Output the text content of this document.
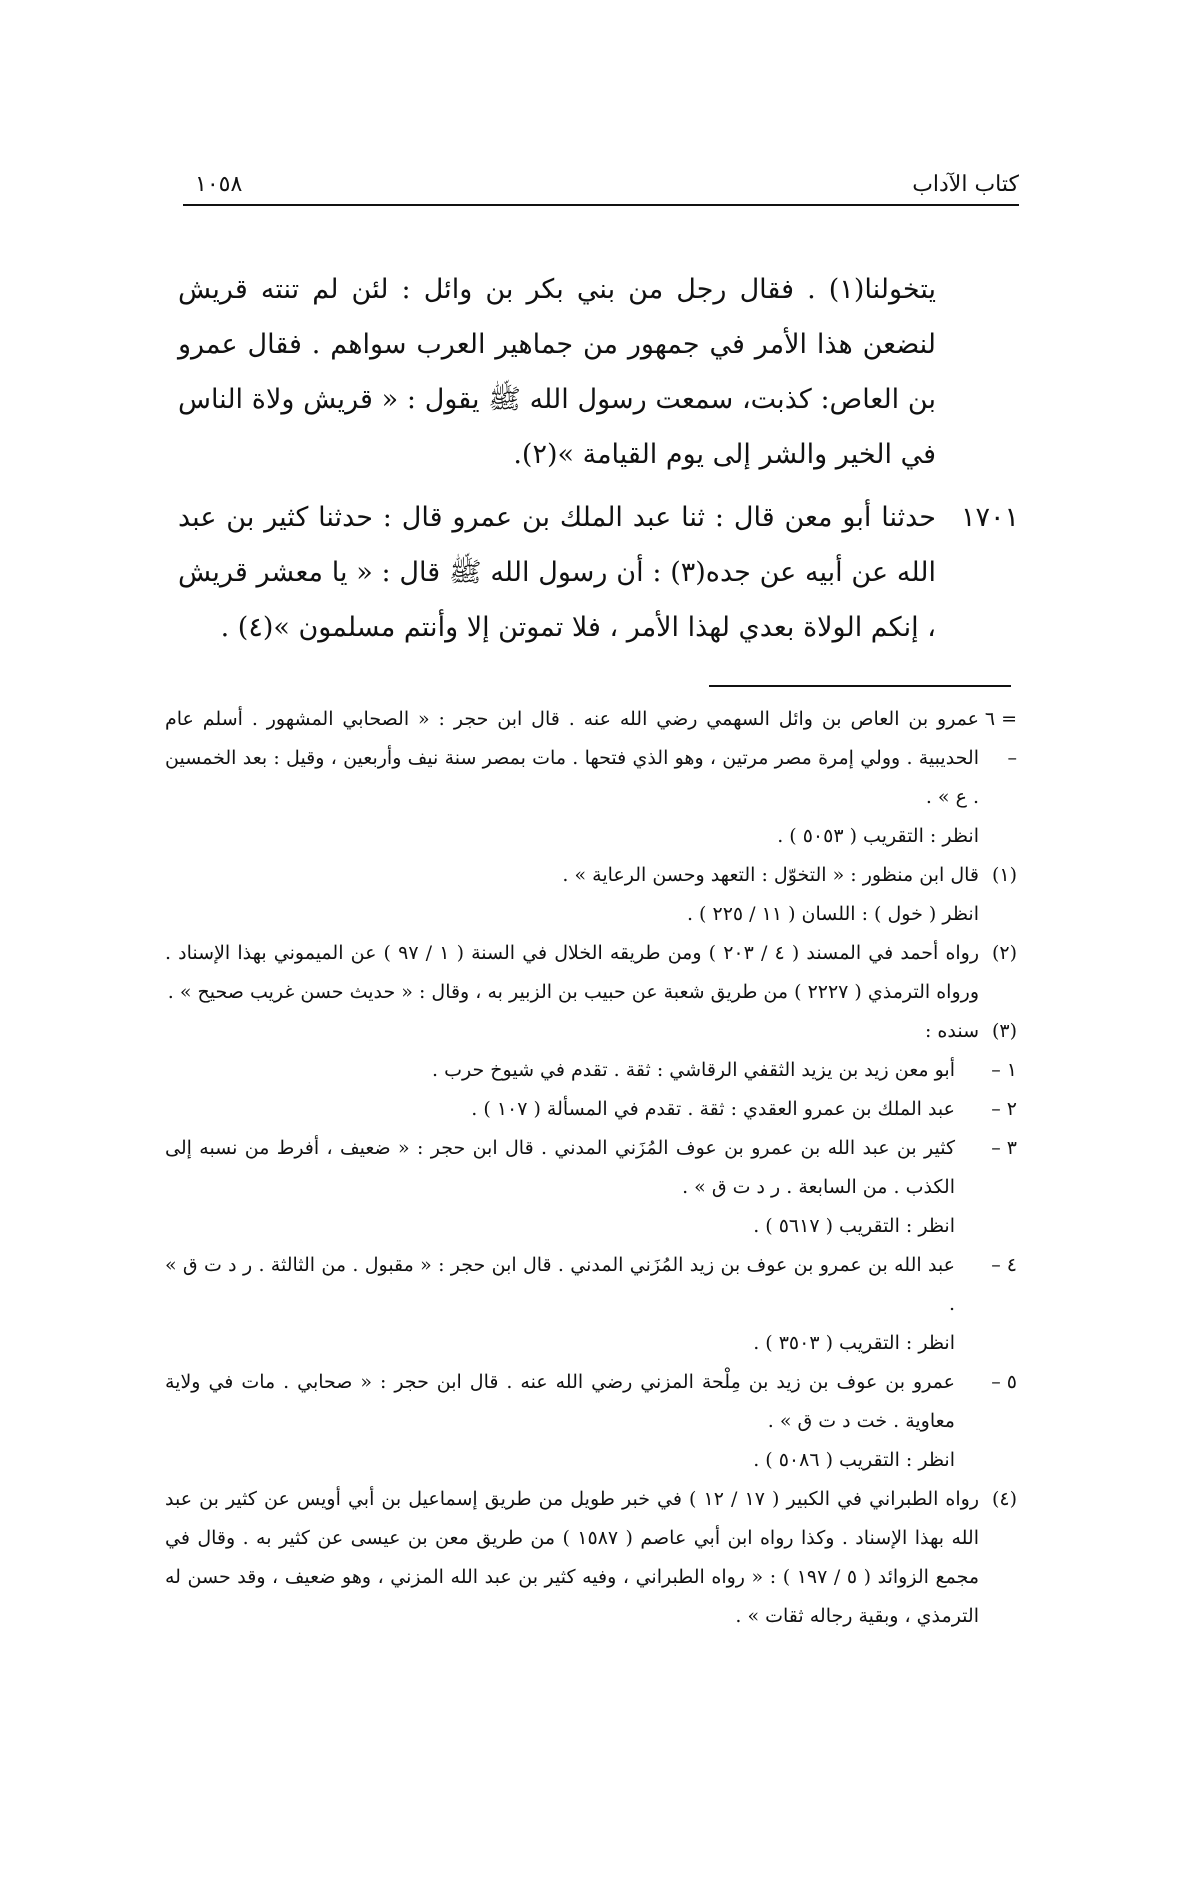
كتاب الآداب
١٠٥٨

يتخولنا(١) . فقال رجل من بني بكر بن وائل : لئن لم تنته قريش لنضعن هذا الأمر في جمهور من جماهير العرب سواهم . فقال عمرو بن العاص: كذبت، سمعت رسول الله ﷺ يقول : « قريش ولاة الناس في الخير والشر إلى يوم القيامة »(٢).

١٧٠١

حدثنا أبو معن قال : ثنا عبد الملك بن عمرو قال : حدثنا كثير بن عبد الله عن أبيه عن جده(٣) : أن رسول الله ﷺ قال : « يا معشر قريش ، إنكم الولاة بعدي لهذا الأمر ، فلا تموتن إلا وأنتم مسلمون »(٤) .

= ٦ –
عمرو بن العاص بن وائل السهمي رضي الله عنه . قال ابن حجر : « الصحابي المشهور . أسلم عام الحديبية . وولي إمرة مصر مرتين ، وهو الذي فتحها . مات بمصر سنة نيف وأربعين ، وقيل : بعد الخمسين . ع » .
انظر : التقريب ( ٥٠٥٣ ) .
(١)
قال ابن منظور : « التخوّل : التعهد وحسن الرعاية » .
انظر ( خول ) : اللسان ( ١١ / ٢٢٥ ) .
(٢)
رواه أحمد في المسند ( ٤ / ٢٠٣ ) ومن طريقه الخلال في السنة ( ١ / ٩٧ ) عن الميموني بهذا الإسناد . ورواه الترمذي ( ٢٢٢٧ ) من طريق شعبة عن حبيب بن الزبير به ، وقال : « حديث حسن غريب صحيح » .
(٣)
سنده :
١ –
أبو معن زيد بن يزيد الثقفي الرقاشي : ثقة . تقدم في شيوخ حرب .
٢ –
عبد الملك بن عمرو العقدي : ثقة . تقدم في المسألة ( ١٠٧ ) .
٣ –
كثير بن عبد الله بن عمرو بن عوف المُزَني المدني . قال ابن حجر : « ضعيف ، أفرط من نسبه إلى الكذب . من السابعة . ر د ت ق » .
انظر : التقريب ( ٥٦١٧ ) .
٤ –
عبد الله بن عمرو بن عوف بن زيد المُزَني المدني . قال ابن حجر : « مقبول . من الثالثة . ر د ت ق » .
انظر : التقريب ( ٣٥٠٣ ) .
٥ –
عمرو بن عوف بن زيد بن مِلْحة المزني رضي الله عنه . قال ابن حجر : « صحابي . مات في ولاية معاوية . خت د ت ق » .
انظر : التقريب ( ٥٠٨٦ ) .
(٤)
رواه الطبراني في الكبير ( ١٧ / ١٢ ) في خبر طويل من طريق إسماعيل بن أبي أويس عن كثير بن عبد الله بهذا الإسناد . وكذا رواه ابن أبي عاصم ( ١٥٨٧ ) من طريق معن بن عيسى عن كثير به . وقال في مجمع الزوائد ( ٥ / ١٩٧ ) : « رواه الطبراني ، وفيه كثير بن عبد الله المزني ، وهو ضعيف ، وقد حسن له الترمذي ، وبقية رجاله ثقات » .
